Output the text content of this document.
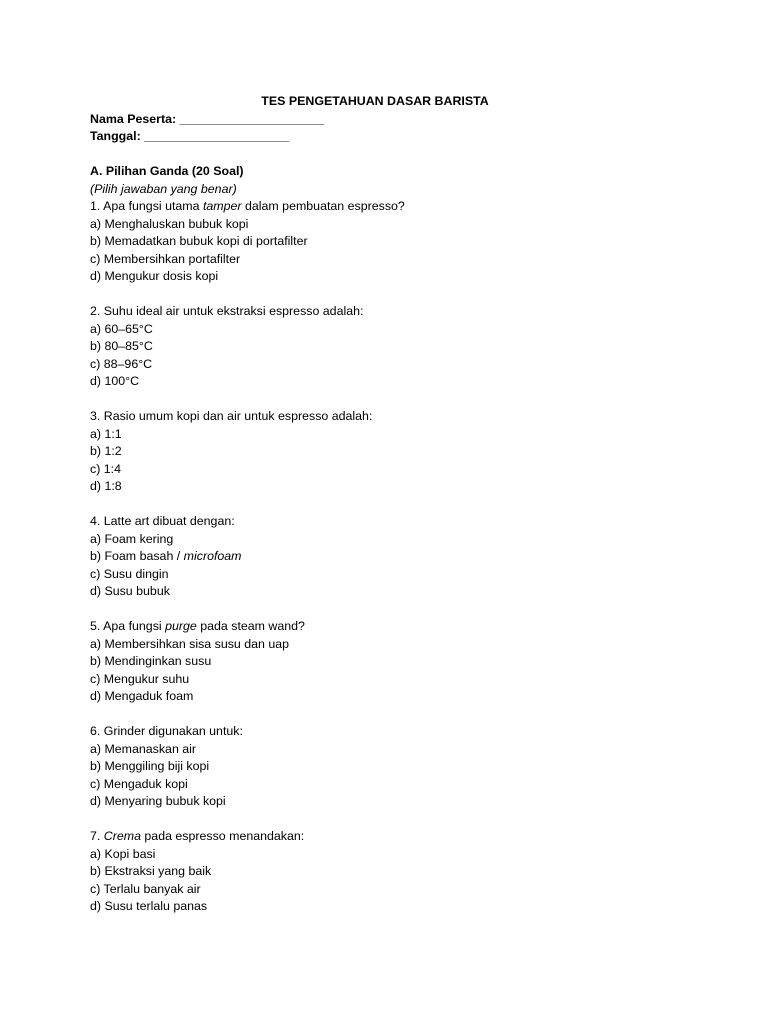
TES PENGETAHUAN DASAR BARISTA
Nama Peserta: _____________________
Tanggal: _____________________
A. Pilihan Ganda (20 Soal)
(Pilih jawaban yang benar)
1. Apa fungsi utama tamper dalam pembuatan espresso?
a) Menghaluskan bubuk kopi
b) Memadatkan bubuk kopi di portafilter
c) Membersihkan portafilter
d) Mengukur dosis kopi
2. Suhu ideal air untuk ekstraksi espresso adalah:
a) 60–65°C
b) 80–85°C
c) 88–96°C
d) 100°C
3. Rasio umum kopi dan air untuk espresso adalah:
a) 1:1
b) 1:2
c) 1:4
d) 1:8
4. Latte art dibuat dengan:
a) Foam kering
b) Foam basah / microfoam
c) Susu dingin
d) Susu bubuk
5. Apa fungsi purge pada steam wand?
a) Membersihkan sisa susu dan uap
b) Mendinginkan susu
c) Mengukur suhu
d) Mengaduk foam
6. Grinder digunakan untuk:
a) Memanaskan air
b) Menggiling biji kopi
c) Mengaduk kopi
d) Menyaring bubuk kopi
7. Crema pada espresso menandakan:
a) Kopi basi
b) Ekstraksi yang baik
c) Terlalu banyak air
d) Susu terlalu panas
